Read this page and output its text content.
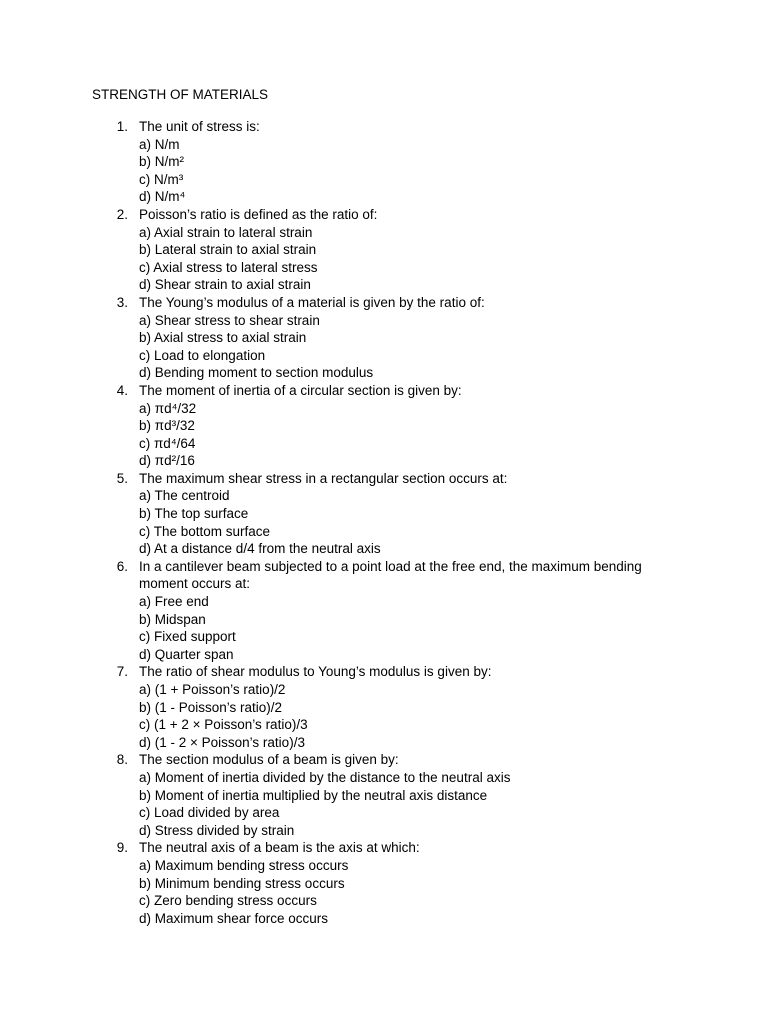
STRENGTH OF MATERIALS
1. The unit of stress is:
a) N/m
b) N/m²
c) N/m³
d) N/m⁴
2. Poisson’s ratio is defined as the ratio of:
a) Axial strain to lateral strain
b) Lateral strain to axial strain
c) Axial stress to lateral stress
d) Shear strain to axial strain
3. The Young’s modulus of a material is given by the ratio of:
a) Shear stress to shear strain
b) Axial stress to axial strain
c) Load to elongation
d) Bending moment to section modulus
4. The moment of inertia of a circular section is given by:
a) πd⁴/32
b) πd³/32
c) πd⁴/64
d) πd²/16
5. The maximum shear stress in a rectangular section occurs at:
a) The centroid
b) The top surface
c) The bottom surface
d) At a distance d/4 from the neutral axis
6. In a cantilever beam subjected to a point load at the free end, the maximum bending moment occurs at:
a) Free end
b) Midspan
c) Fixed support
d) Quarter span
7. The ratio of shear modulus to Young’s modulus is given by:
a) (1 + Poisson’s ratio)/2
b) (1 - Poisson’s ratio)/2
c) (1 + 2 × Poisson’s ratio)/3
d) (1 - 2 × Poisson’s ratio)/3
8. The section modulus of a beam is given by:
a) Moment of inertia divided by the distance to the neutral axis
b) Moment of inertia multiplied by the neutral axis distance
c) Load divided by area
d) Stress divided by strain
9. The neutral axis of a beam is the axis at which:
a) Maximum bending stress occurs
b) Minimum bending stress occurs
c) Zero bending stress occurs
d) Maximum shear force occurs
